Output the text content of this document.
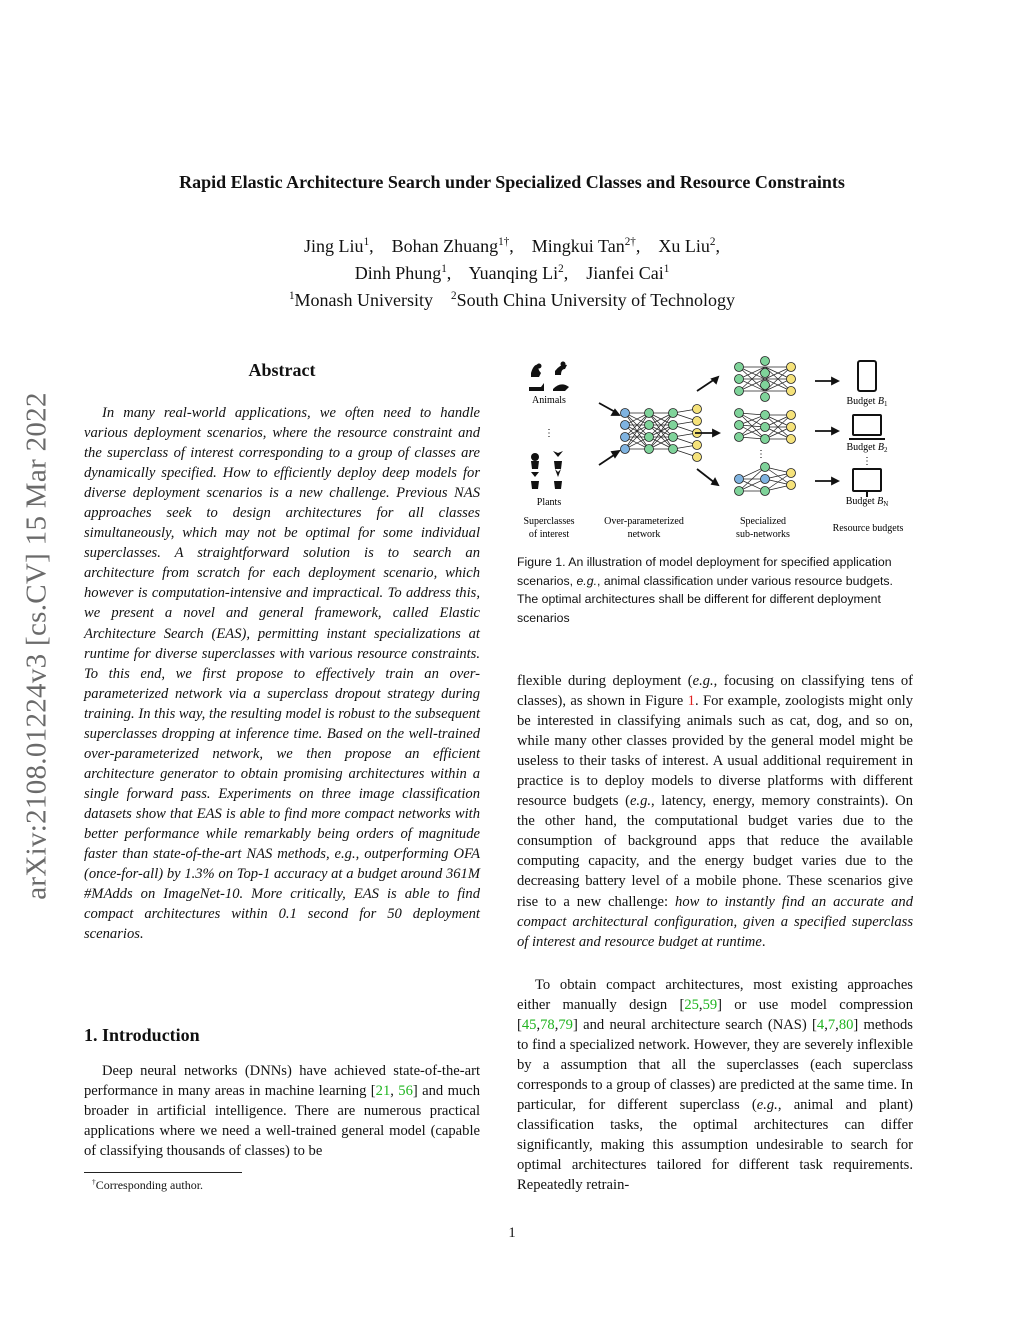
arXiv:2108.01224v3 [cs.CV] 15 Mar 2022
Rapid Elastic Architecture Search under Specialized Classes and Resource Constraints
Jing Liu$^1$,    Bohan Zhuang$^{1\dagger}$,    Mingkui Tan$^{2\dagger}$,    Xu Liu$^2$,
Dinh Phung$^1$,    Yuanqing Li$^2$,    Jianfei Cai$^1$
$^1$Monash University $^2$South China University of Technology
Abstract

In many real-world applications, we often need to handle various deployment scenarios, where the resource constraint and the superclass of interest corresponding to a group of classes are dynamically specified. How to efficiently deploy deep models for diverse deployment scenarios is a new challenge. Previous NAS approaches seek to design architectures for all classes simultaneously, which may not be optimal for some individual superclasses. A straightforward solution is to search an architecture from scratch for each deployment scenario, which however is computation-intensive and impractical. To address this, we present a novel and general framework, called Elastic Architecture Search (EAS), permitting instant specializations at runtime for diverse superclasses with various resource constraints. To this end, we first propose to effectively train an over-parameterized network via a superclass dropout strategy during training. In this way, the resulting model is robust to the subsequent superclasses dropping at inference time. Based on the well-trained over-parameterized network, we then propose an efficient architecture generator to obtain promising architectures within a single forward pass. Experiments on three image classification datasets show that EAS is able to find more compact networks with better performance while remarkably being orders of magnitude faster than state-of-the-art NAS methods, e.g., outperforming OFA (once-for-all) by 1.3% on Top-1 accuracy at a budget around 361M #MAdds on ImageNet-10. More critically, EAS is able to find compact architectures within 0.1 second for 50 deployment scenarios.

1. Introduction

Deep neural networks (DNNs) have achieved state-of-the-art performance in many areas in machine learning [21, 56] and much broader in artificial intelligence. There are numerous practical applications where we need a well-trained general model (capable of classifying thousands of classes) to be

†Corresponding author.
Animals
⋮
Plants
⋮
Budget $B_1$
Budget $B_2$
⋮
Budget $B_N$
Superclasses
of interest
Over-parameterized
network
Specialized
sub-networks
Resource budgets

Figure 1. An illustration of model deployment for specified application scenarios, e.g., animal classification under various resource budgets. The optimal architectures shall be different for different deployment scenarios

flexible during deployment (e.g., focusing on classifying tens of classes), as shown in Figure 1. For example, zoologists might only be interested in classifying animals such as cat, dog, and so on, while many other classes provided by the general model might be useless to their tasks of interest. A usual additional requirement in practice is to deploy models to diverse platforms with different resource budgets (e.g., latency, energy, memory constraints). On the other hand, the computational budget varies due to the consumption of background apps that reduce the available computing capacity, and the energy budget varies due to the decreasing battery level of a mobile phone. These scenarios give rise to a new challenge: how to instantly find an accurate and compact architectural configuration, given a specified superclass of interest and resource budget at runtime.

To obtain compact architectures, most existing approaches either manually design [25,59] or use model compression [45,78,79] and neural architecture search (NAS) [4,7,80] methods to find a specialized network. However, they are severely inflexible by a assumption that all the superclasses (each superclass corresponds to a group of classes) are predicted at the same time. In particular, for different superclass (e.g., animal and plant) classification tasks, the optimal architectures can differ significantly, making this assumption undesirable to search for optimal architectures tailored for different task requirements. Repeatedly retrain-

1
